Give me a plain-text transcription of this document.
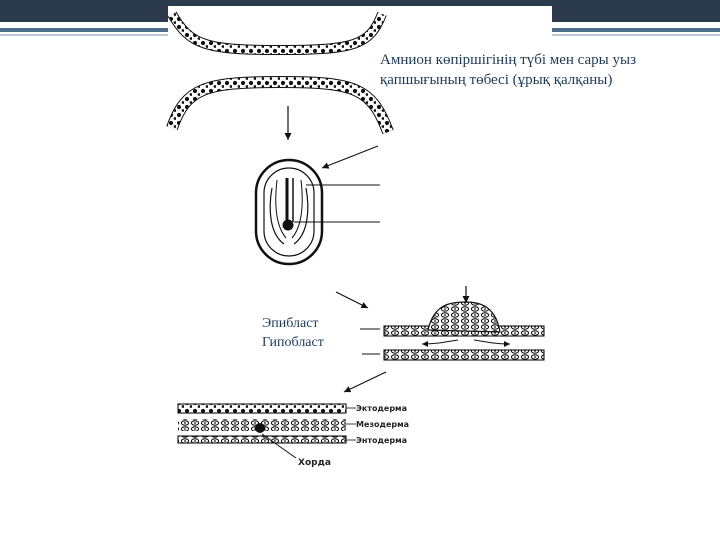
Амнион көпіршігінің түбі мен сары уыз қапшығының төбесі (ұрық қалқаны)
Эпибласт
Гипобласт
Эктодерма
Мезодерма
Энтодерма
Хорда
